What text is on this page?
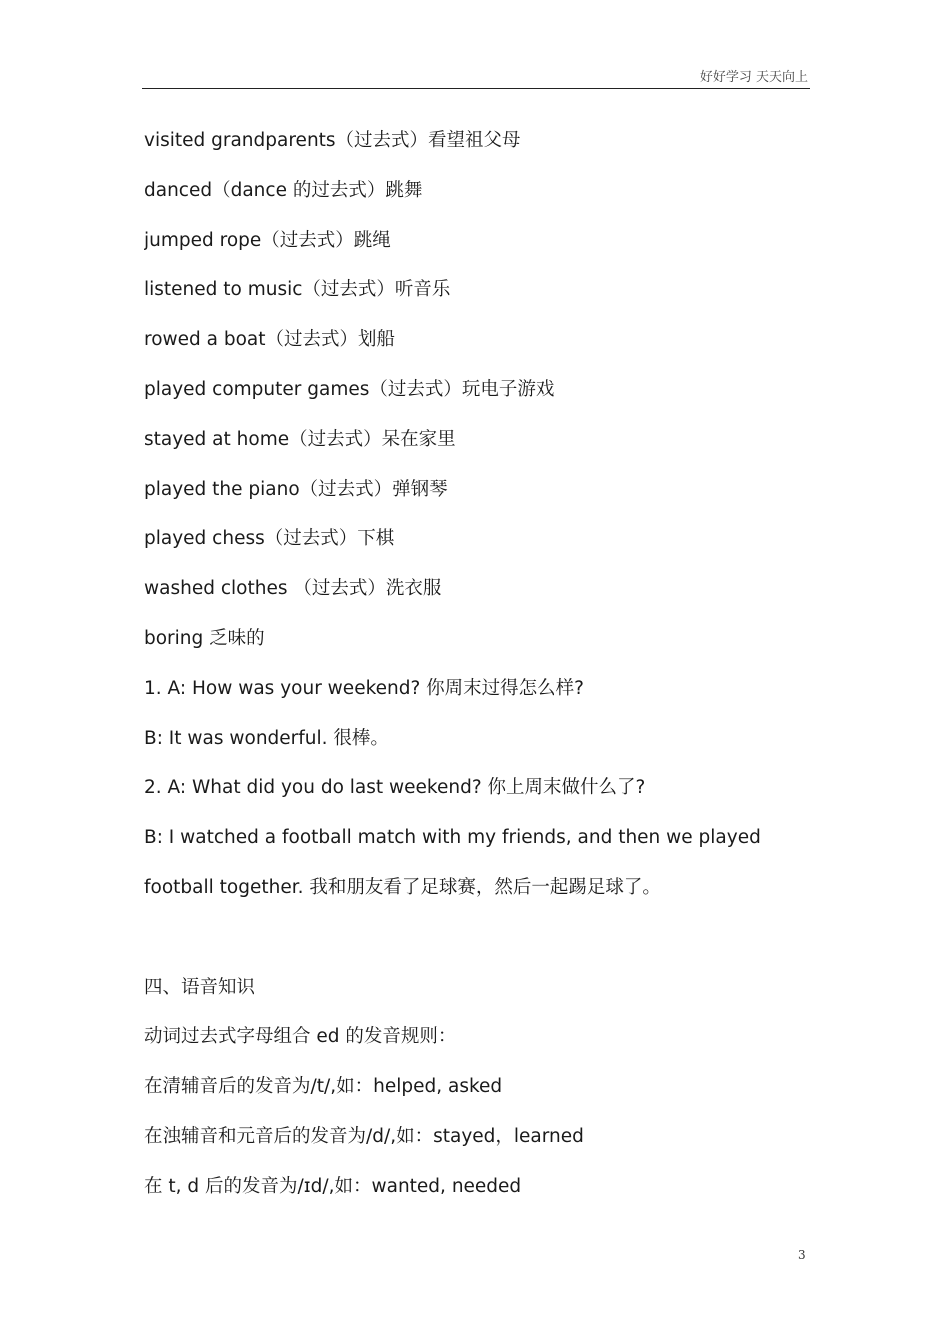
好好学习 天天向上
visited grandparents（过去式）看望祖父母
danced（dance 的过去式）跳舞
jumped rope（过去式）跳绳
listened to music（过去式）听音乐
rowed a boat（过去式）划船
played computer games（过去式）玩电子游戏
stayed at home（过去式）呆在家里
played the piano（过去式）弹钢琴
played chess（过去式）下棋
washed clothes （过去式）洗衣服
boring 乏味的
1. A: How was your weekend? 你周末过得怎么样?
B: It was wonderful. 很棒。
2. A: What did you do last weekend? 你上周末做什么了?
B: I watched a football match with my friends, and then we played
football together. 我和朋友看了足球赛，然后一起踢足球了。
四、语音知识
动词过去式字母组合 ed 的发音规则：
在清辅音后的发音为/t/,如：helped, asked
在浊辅音和元音后的发音为/d/,如：stayed，learned
在 t, d 后的发音为/ɪd/,如：wanted, needed
3
